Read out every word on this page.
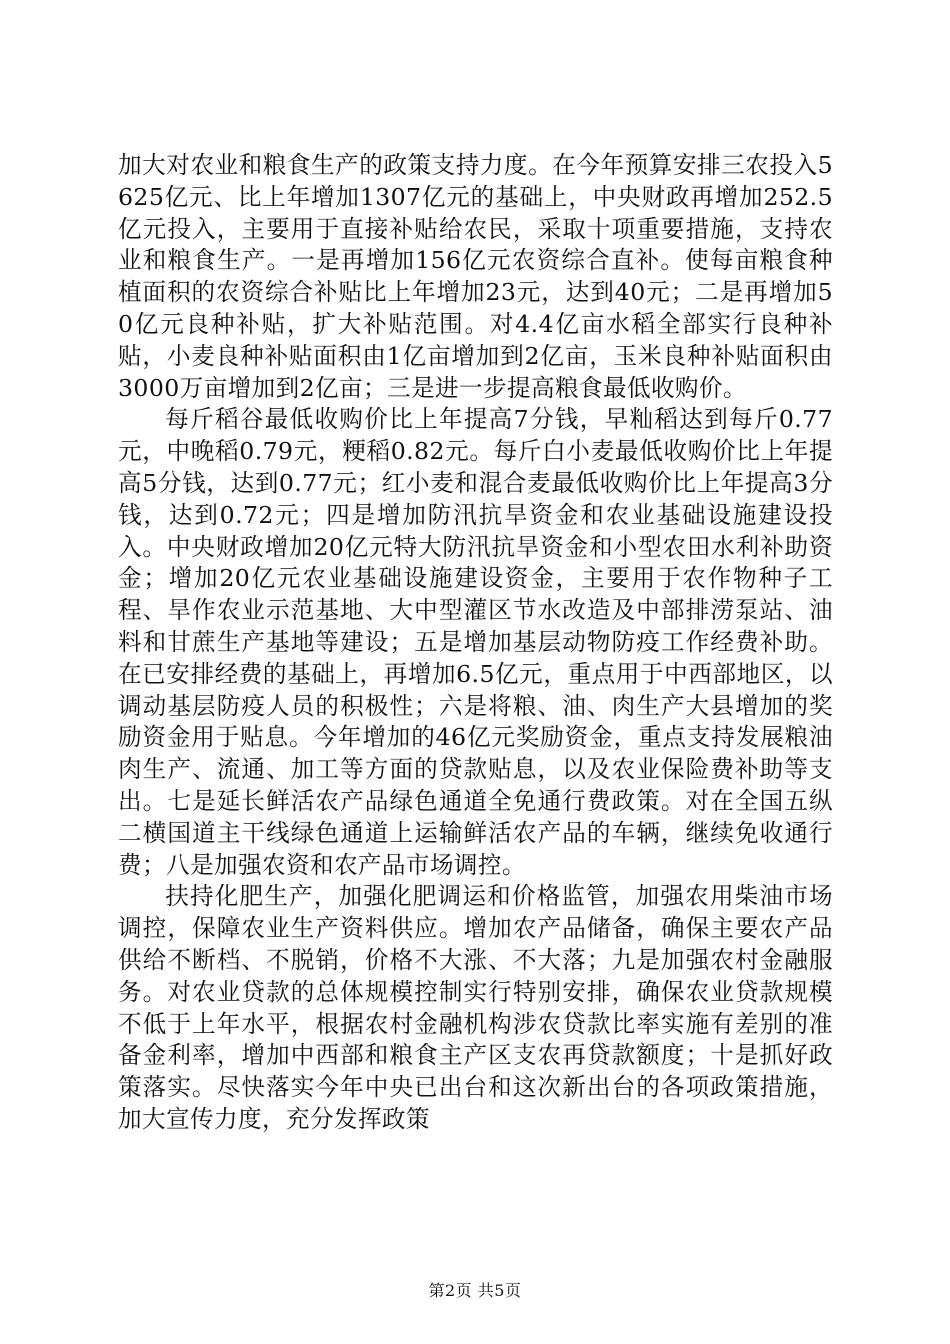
加大对农业和粮食生产的政策支持力度。在今年预算安排三农投入5625亿元、比上年增加1307亿元的基础上，中央财政再增加252.5亿元投入，主要用于直接补贴给农民，采取十项重要措施，支持农业和粮食生产。一是再增加156亿元农资综合直补。使每亩粮食种植面积的农资综合补贴比上年增加23元，达到40元；二是再增加50亿元良种补贴，扩大补贴范围。对4.4亿亩水稻全部实行良种补贴，小麦良种补贴面积由1亿亩增加到2亿亩，玉米良种补贴面积由3000万亩增加到2亿亩；三是进一步提高粮食最低收购价。

每斤稻谷最低收购价比上年提高7分钱，早籼稻达到每斤0.77元，中晚稻0.79元，粳稻0.82元。每斤白小麦最低收购价比上年提高5分钱，达到0.77元；红小麦和混合麦最低收购价比上年提高3分钱，达到0.72元；四是增加防汛抗旱资金和农业基础设施建设投入。中央财政增加20亿元特大防汛抗旱资金和小型农田水利补助资金；增加20亿元农业基础设施建设资金，主要用于农作物种子工程、旱作农业示范基地、大中型灌区节水改造及中部排涝泵站、油料和甘蔗生产基地等建设；五是增加基层动物防疫工作经费补助。在已安排经费的基础上，再增加6.5亿元，重点用于中西部地区，以调动基层防疫人员的积极性；六是将粮、油、肉生产大县增加的奖励资金用于贴息。今年增加的46亿元奖励资金，重点支持发展粮油肉生产、流通、加工等方面的贷款贴息，以及农业保险费补助等支出。七是延长鲜活农产品绿色通道全免通行费政策。对在全国五纵二横国道主干线绿色通道上运输鲜活农产品的车辆，继续免收通行费；八是加强农资和农产品市场调控。

扶持化肥生产，加强化肥调运和价格监管，加强农用柴油市场调控，保障农业生产资料供应。增加农产品储备，确保主要农产品供给不断档、不脱销，价格不大涨、不大落；九是加强农村金融服务。对农业贷款的总体规模控制实行特别安排，确保农业贷款规模不低于上年水平，根据农村金融机构涉农贷款比率实施有差别的准备金利率，增加中西部和粮食主产区支农再贷款额度；十是抓好政策落实。尽快落实今年中央已出台和这次新出台的各项政策措施，加大宣传力度，充分发挥政策

第2页 共5页
